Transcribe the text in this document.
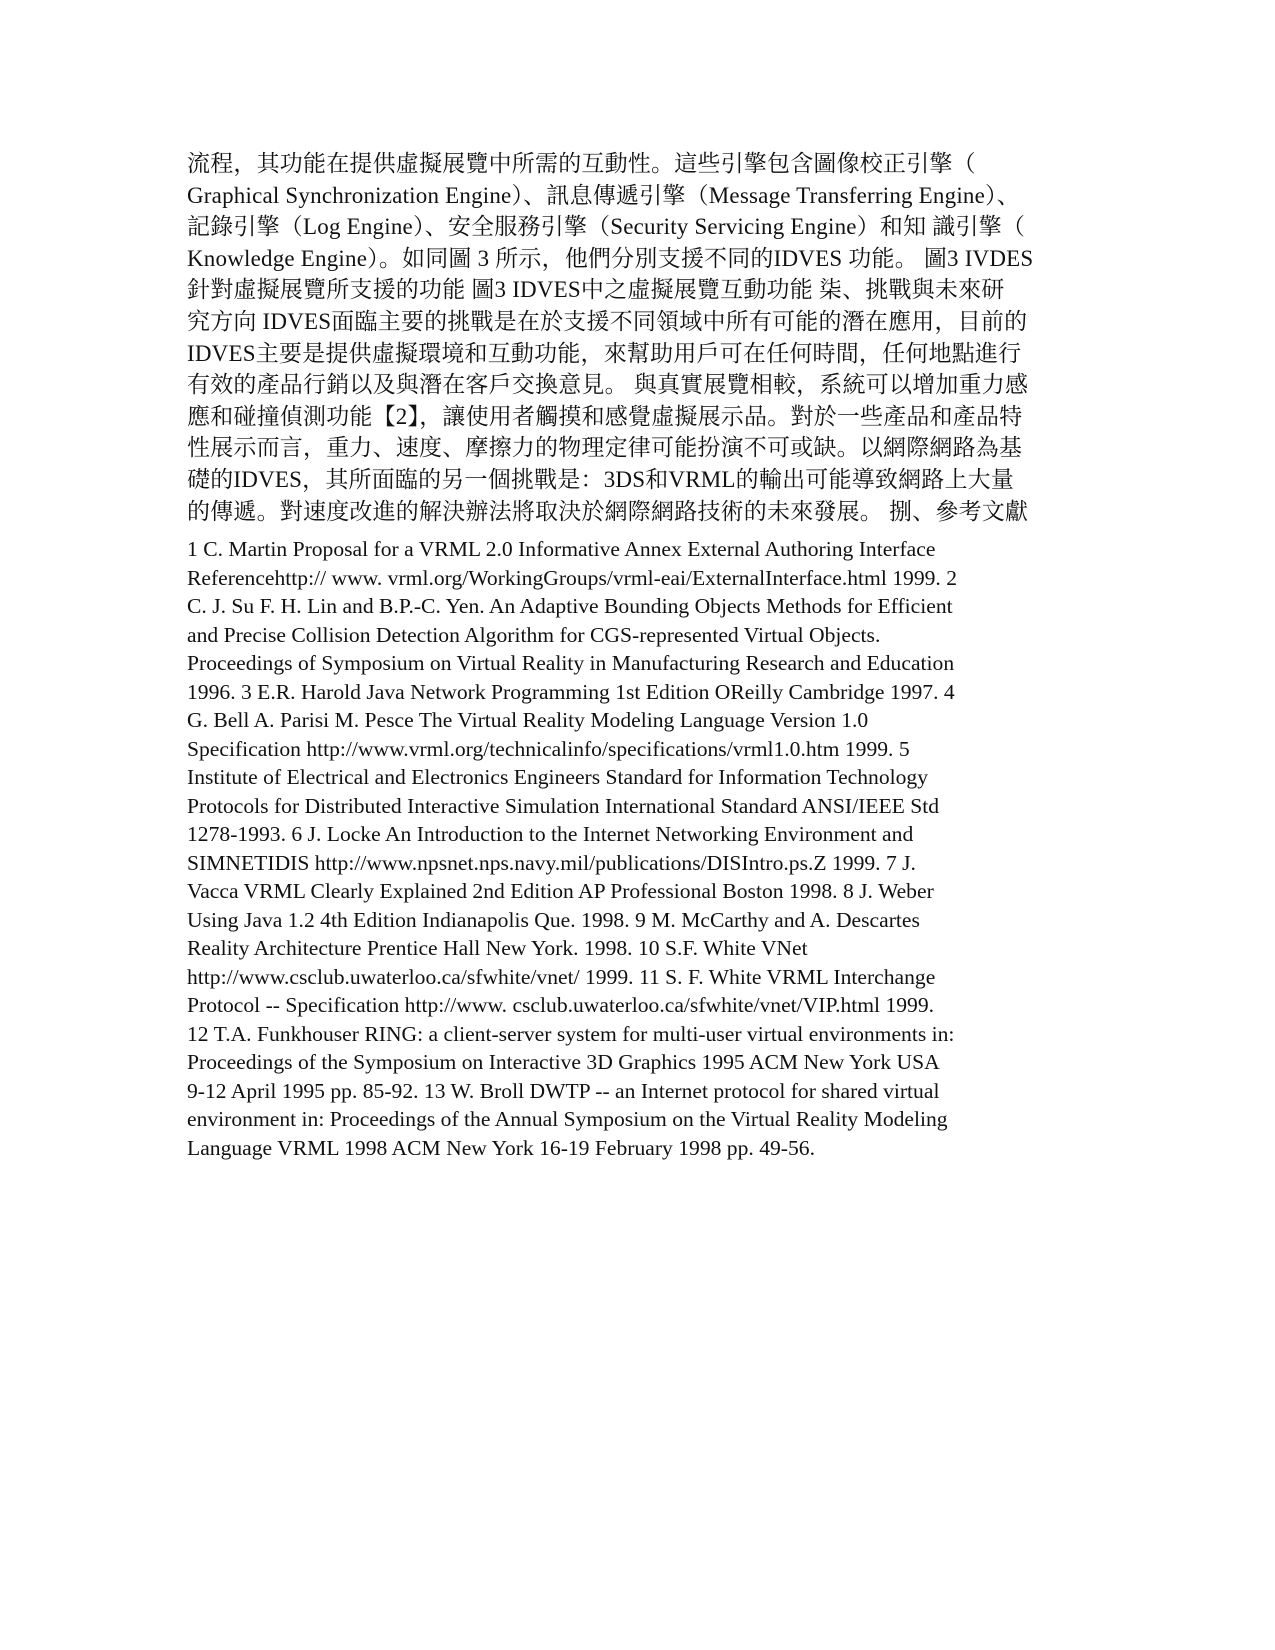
流程，其功能在提供虛擬展覽中所需的互動性。這些引擎包含圖像校正引擎（
Graphical Synchronization Engine）、訊息傳遞引擎（Message Transferring Engine）、
記錄引擎（Log Engine）、安全服務引擎（Security Servicing Engine）和知 識引擎（
Knowledge Engine）。如同圖 3 所示，他們分別支援不同的IDVES 功能。 圖3 IVDES
針對虛擬展覽所支援的功能 圖3 IDVES中之虛擬展覽互動功能 柒、挑戰與未來研
究方向 IDVES面臨主要的挑戰是在於支援不同領域中所有可能的潛在應用，目前的
IDVES主要是提供虛擬環境和互動功能，來幫助用戶可在任何時間，任何地點進行
有效的產品行銷以及與潛在客戶交換意見。 與真實展覽相較，系統可以增加重力感
應和碰撞偵測功能【2】，讓使用者觸摸和感覺虛擬展示品。對於一些產品和產品特
性展示而言，重力、速度、摩擦力的物理定律可能扮演不可或缺。以網際網路為基
礎的IDVES，其所面臨的另一個挑戰是：3DS和VRML的輸出可能導致網路上大量
的傳遞。對速度改進的解決辦法將取決於網際網路技術的未來發展。 捌、參考文獻

1 C. Martin Proposal for a VRML 2.0 Informative Annex External Authoring Interface
Referencehttp:// www. vrml.org/WorkingGroups/vrml-eai/ExternalInterface.html 1999. 2
C. J. Su F. H. Lin and B.P.-C. Yen. An Adaptive Bounding Objects Methods for Efficient
and Precise Collision Detection Algorithm for CGS-represented Virtual Objects.
Proceedings of Symposium on Virtual Reality in Manufacturing Research and Education
1996. 3 E.R. Harold Java Network Programming 1st Edition OReilly Cambridge 1997. 4
G. Bell A. Parisi M. Pesce The Virtual Reality Modeling Language Version 1.0
Specification http://www.vrml.org/technicalinfo/specifications/vrml1.0.htm 1999. 5
Institute of Electrical and Electronics Engineers Standard for Information Technology
Protocols for Distributed Interactive Simulation International Standard ANSI/IEEE Std
1278-1993. 6 J. Locke An Introduction to the Internet Networking Environment and
SIMNETIDIS http://www.npsnet.nps.navy.mil/publications/DISIntro.ps.Z 1999. 7 J.
Vacca VRML Clearly Explained 2nd Edition AP Professional Boston 1998. 8 J. Weber
Using Java 1.2 4th Edition Indianapolis Que. 1998. 9 M. McCarthy and A. Descartes
Reality Architecture Prentice Hall New York. 1998. 10 S.F. White VNet
http://www.csclub.uwaterloo.ca/sfwhite/vnet/ 1999. 11 S. F. White VRML Interchange
Protocol -- Specification http://www. csclub.uwaterloo.ca/sfwhite/vnet/VIP.html 1999.
12 T.A. Funkhouser RING: a client-server system for multi-user virtual environments in:
Proceedings of the Symposium on Interactive 3D Graphics 1995 ACM New York USA
9-12 April 1995 pp. 85-92. 13 W. Broll DWTP -- an Internet protocol for shared virtual
environment in: Proceedings of the Annual Symposium on the Virtual Reality Modeling
Language VRML 1998 ACM New York 16-19 February 1998 pp. 49-56.
